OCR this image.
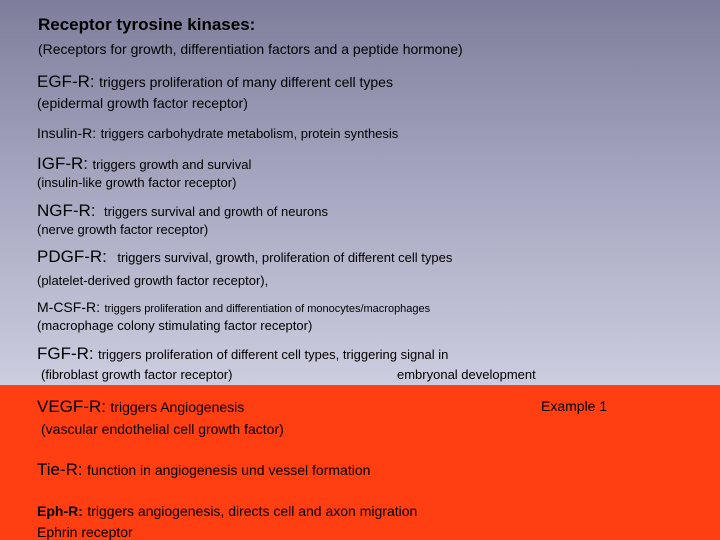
Receptor tyrosine kinases:
(Receptors for growth, differentiation factors and a peptide hormone)
EGF-R: triggers proliferation of many different cell types
(epidermal growth factor receptor)
Insulin-R: triggers carbohydrate metabolism, protein synthesis
IGF-R: triggers growth and survival
(insulin-like growth factor receptor)
NGF-R: triggers survival and growth of neurons
(nerve growth factor receptor)
PDGF-R: triggers survival, growth, proliferation of different cell types
(platelet-derived growth factor receptor),
M-CSF-R: triggers proliferation and differentiation of monocytes/macrophages
(macrophage colony stimulating factor receptor)
FGF-R: triggers proliferation of different cell types, triggering signal in
(fibroblast growth factor receptor)	embryonal development
VEGF-R: triggers Angiogenesis	Example 1
(vascular endothelial cell growth factor)
Tie-R: function in angiogenesis und vessel formation
Eph-R: triggers angiogenesis, directs cell and axon migration
Ephrin receptor
